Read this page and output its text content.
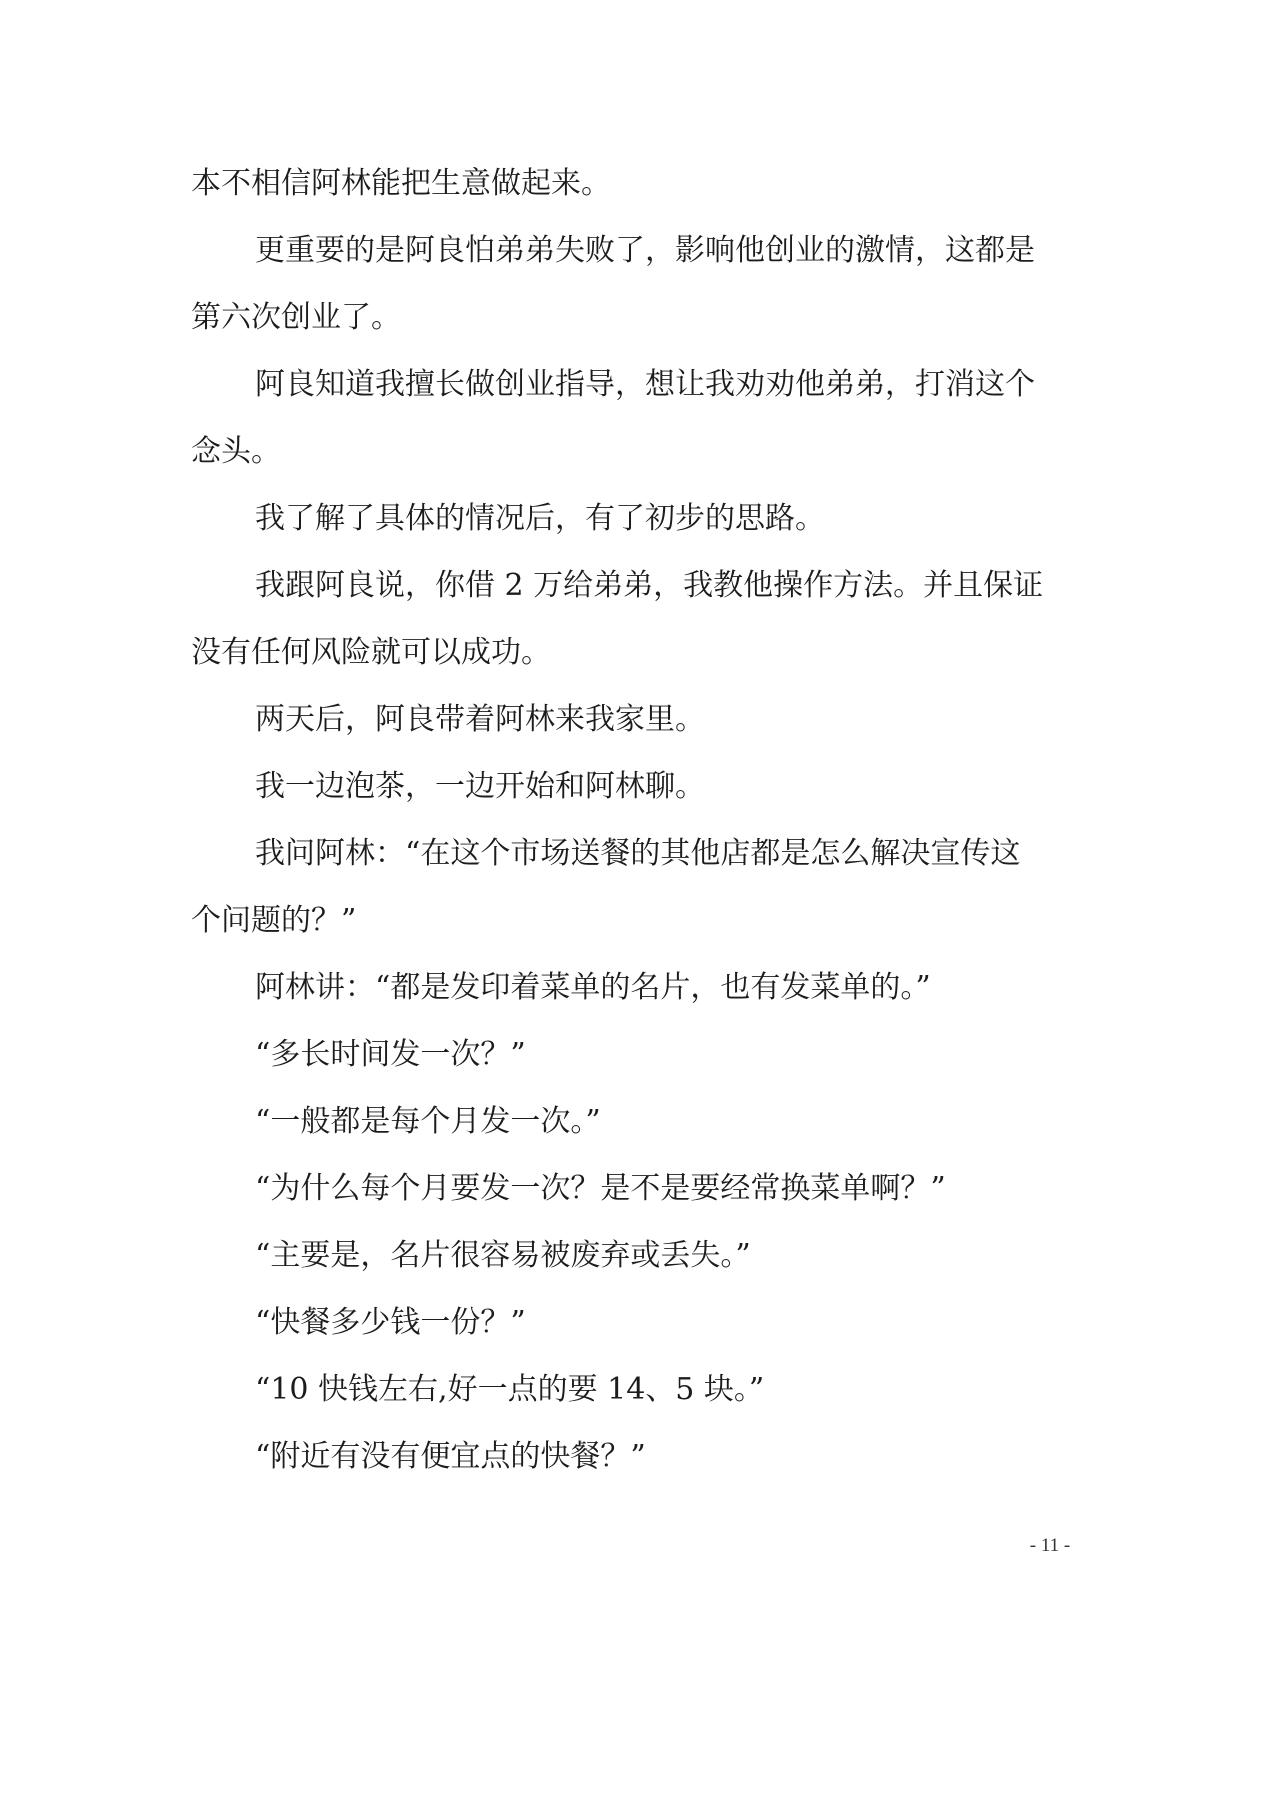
本不相信阿林能把生意做起来。

更重要的是阿良怕弟弟失败了，影响他创业的激情，这都是

第六次创业了。

阿良知道我擅长做创业指导，想让我劝劝他弟弟，打消这个

念头。

我了解了具体的情况后，有了初步的思路。

我跟阿良说，你借 2 万给弟弟，我教他操作方法。并且保证

没有任何风险就可以成功。

两天后，阿良带着阿林来我家里。

我一边泡茶，一边开始和阿林聊。

我问阿林：“在这个市场送餐的其他店都是怎么解决宣传这

个问题的？”

阿林讲：“都是发印着菜单的名片，也有发菜单的。”

“多长时间发一次？”

“一般都是每个月发一次。”

“为什么每个月要发一次？是不是要经常换菜单啊？”

“主要是，名片很容易被废弃或丢失。”

“快餐多少钱一份？”

“10 快钱左右,好一点的要 14、5 块。”

“附近有没有便宜点的快餐？”

- 11 -
